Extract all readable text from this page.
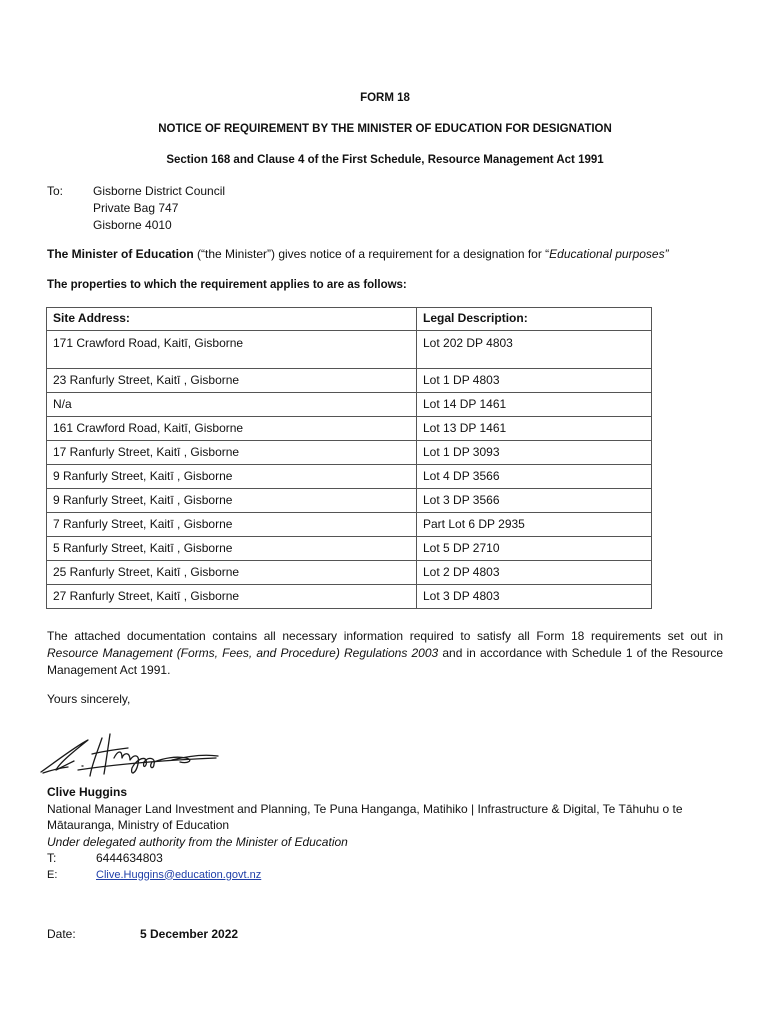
FORM 18
NOTICE OF REQUIREMENT BY THE MINISTER OF EDUCATION FOR DESIGNATION
Section 168 and Clause 4 of the First Schedule, Resource Management Act 1991
To: Gisborne District Council
Private Bag 747
Gisborne 4010
The Minister of Education (“the Minister”) gives notice of a requirement for a designation for “Educational purposes”
The properties to which the requirement applies to are as follows:
Site Address:	Legal Description:
171 Crawford Road, Kaitī, Gisborne	Lot 202 DP 4803
23 Ranfurly Street, Kaitī , Gisborne	Lot 1 DP 4803
N/a	Lot 14 DP 1461
161 Crawford Road, Kaitī, Gisborne	Lot 13 DP 1461
17 Ranfurly Street, Kaitī , Gisborne	Lot 1 DP 3093
9 Ranfurly Street, Kaitī , Gisborne	Lot 4 DP 3566
9 Ranfurly Street, Kaitī , Gisborne	Lot 3 DP 3566
7 Ranfurly Street, Kaitī , Gisborne	Part Lot 6 DP 2935
5 Ranfurly Street, Kaitī , Gisborne	Lot 5 DP 2710
25 Ranfurly Street, Kaitī , Gisborne	Lot 2 DP 4803
27 Ranfurly Street, Kaitī , Gisborne	Lot 3 DP 4803
The attached documentation contains all necessary information required to satisfy all Form 18 requirements set out in Resource Management (Forms, Fees, and Procedure) Regulations 2003 and in accordance with Schedule 1 of the Resource Management Act 1991.
Yours sincerely,
Clive Huggins
National Manager Land Investment and Planning, Te Puna Hanganga, Matihiko | Infrastructure & Digital, Te Tāhuhu o te Mātauranga, Ministry of Education
Under delegated authority from the Minister of Education
T:	6444634803
E:	Clive.Huggins@education.govt.nz
Date:	5 December 2022
